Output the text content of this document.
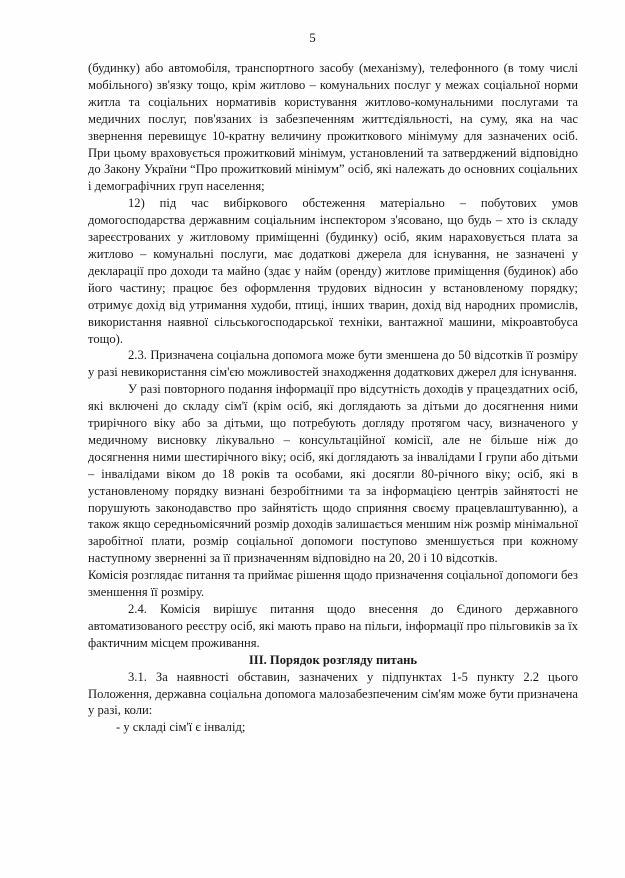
5

(будинку) або автомобіля, транспортного засобу (механізму), телефонного (в тому числі мобільного) зв'язку тощо, крім житлово – комунальних послуг у межах соціальної норми житла та соціальних нормативів користування житлово-комунальними послугами та медичних послуг, пов'язаних із забезпеченням життєдіяльності, на суму, яка на час звернення перевищує 10-кратну величину прожиткового мінімуму для зазначених осіб. При цьому враховується прожитковий мінімум, установлений та затверджений відповідно до Закону України “Про прожитковий мінімум” осіб, які належать до основних соціальних і демографічних груп населення;

12) під час вибіркового обстеження матеріально – побутових умов домогосподарства державним соціальним інспектором з'ясовано, що будь – хто із складу зареєстрованих у житловому приміщенні (будинку) осіб, яким нараховується плата за житлово – комунальні послуги, має додаткові джерела для існування, не зазначені у декларації про доходи та майно (здає у найм (оренду) житлове приміщення (будинок) або його частину; працює без оформлення трудових відносин у встановленому порядку; отримує дохід від утримання худоби, птиці, інших тварин, дохід від народних промислів, використання наявної сільськогосподарської техніки, вантажної машини, мікроавтобуса тощо).

2.3. Призначена соціальна допомога може бути зменшена до 50 відсотків її розміру у разі невикористання сім'єю можливостей знаходження додаткових джерел для існування.

У разі повторного подання інформації про відсутність доходів у працездатних осіб, які включені до складу сім'ї (крім осіб, які доглядають за дітьми до досягнення ними трирічного віку або за дітьми, що потребують догляду протягом часу, визначеного у медичному висновку лікувально – консультаційної комісії, але не більше ніж до досягнення ними шестирічного віку; осіб, які доглядають за інвалідами I групи або дітьми – інвалідами віком до 18 років та особами, які досягли 80-річного віку; осіб, які в установленому порядку визнані безробітними та за інформацією центрів зайнятості не порушують законодавство про зайнятість щодо сприяння своєму працевлаштуванню), а також якщо середньомісячний розмір доходів залишається меншим ніж розмір мінімальної заробітної плати, розмір соціальної допомоги поступово зменшується при кожному наступному зверненні за її призначенням відповідно на 20, 20 і 10 відсотків.

Комісія розглядає питання та приймає рішення щодо призначення соціальної допомоги без зменшення її розміру.

2.4. Комісія вирішує питання щодо внесення до Єдиного державного автоматизованого реєстру осіб, які мають право на пільги, інформації про пільговиків за їх фактичним місцем проживання.

III. Порядок розгляду питань

3.1. За наявності обставин, зазначених у підпунктах 1-5 пункту 2.2 цього Положення, державна соціальна допомога малозабезпеченим сім'ям може бути призначена у разі, коли:

- у складі сім'ї є інвалід;
